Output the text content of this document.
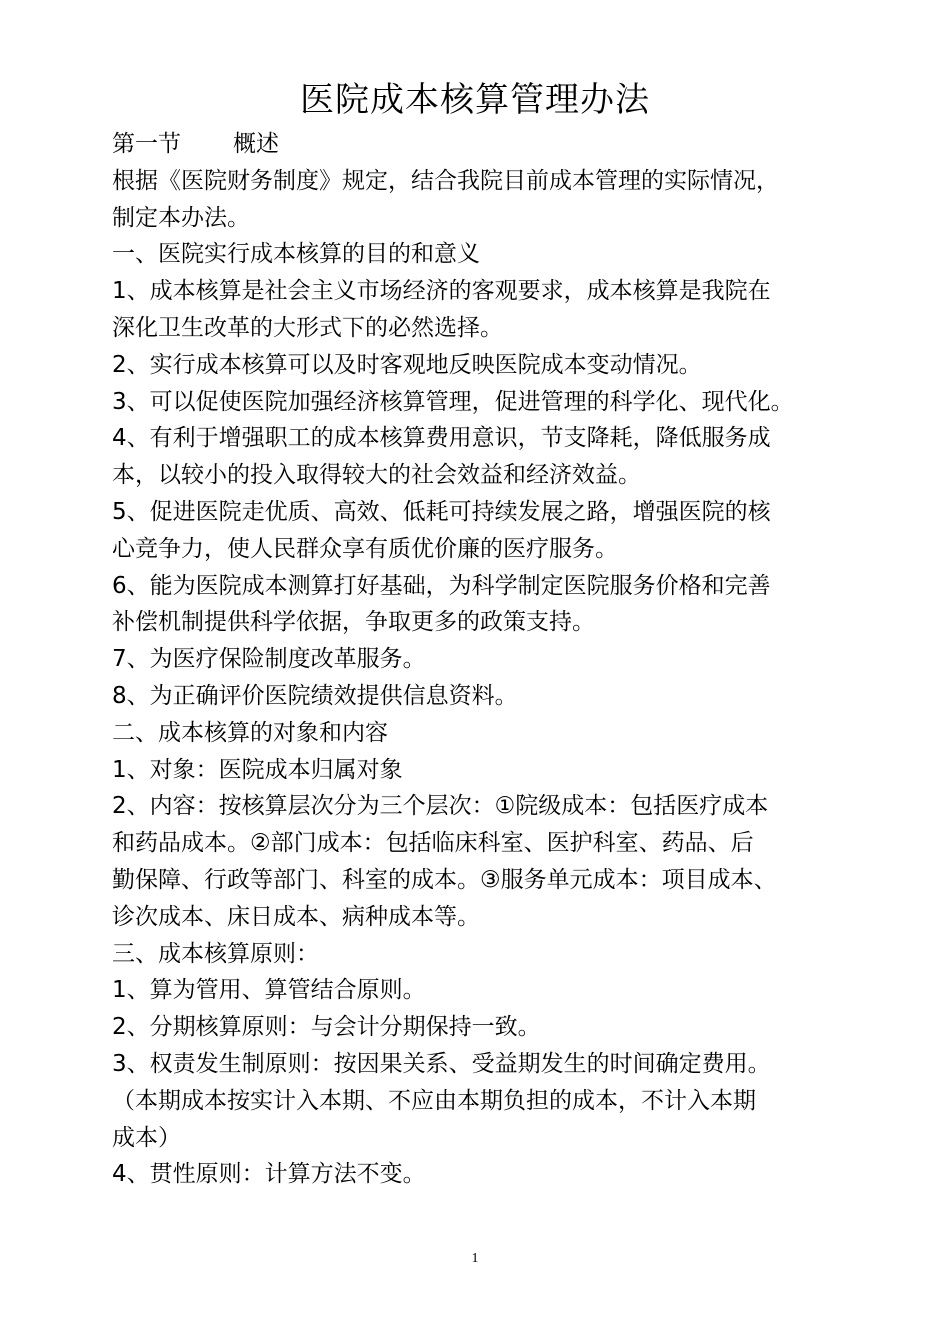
医院成本核算管理办法
第一节 概述

根据《医院财务制度》规定，结合我院目前成本管理的实际情况，

制定本办法。

一、医院实行成本核算的目的和意义

1、成本核算是社会主义市场经济的客观要求，成本核算是我院在

深化卫生改革的大形式下的必然选择。

2、实行成本核算可以及时客观地反映医院成本变动情况。

3、可以促使医院加强经济核算管理，促进管理的科学化、现代化。

4、有利于增强职工的成本核算费用意识，节支降耗，降低服务成

本，以较小的投入取得较大的社会效益和经济效益。

5、促进医院走优质、高效、低耗可持续发展之路，增强医院的核

心竞争力，使人民群众享有质优价廉的医疗服务。

6、能为医院成本测算打好基础，为科学制定医院服务价格和完善

补偿机制提供科学依据，争取更多的政策支持。

7、为医疗保险制度改革服务。

8、为正确评价医院绩效提供信息资料。

二、成本核算的对象和内容

1、对象：医院成本归属对象

2、内容：按核算层次分为三个层次：①院级成本：包括医疗成本

和药品成本。②部门成本：包括临床科室、医护科室、药品、后

勤保障、行政等部门、科室的成本。③服务单元成本：项目成本、

诊次成本、床日成本、病种成本等。

三、成本核算原则：

1、算为管用、算管结合原则。

2、分期核算原则：与会计分期保持一致。

3、权责发生制原则：按因果关系、受益期发生的时间确定费用。

（本期成本按实计入本期、不应由本期负担的成本，不计入本期

成本）

4、贯性原则：计算方法不变。

1
